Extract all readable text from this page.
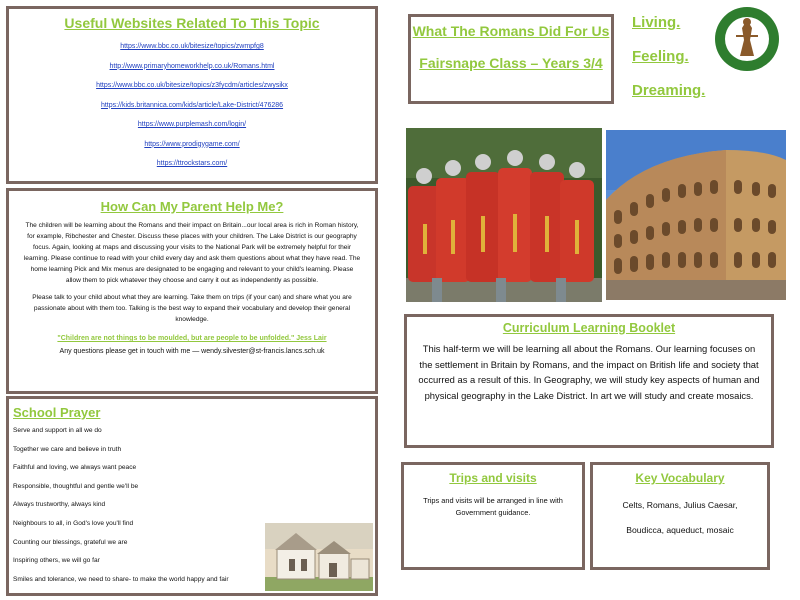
Useful Websites Related To This Topic
https://www.bbc.co.uk/bitesize/topics/zwmpfg8
http://www.primaryhomeworkhelp.co.uk/Romans.html
https://www.bbc.co.uk/bitesize/topics/z3fycdm/articles/zwysikx
https://kids.britannica.com/kids/article/Lake-District/476286
https://www.purplemash.com/login/
https://www.prodigygame.com/
https://ttrockstars.com/
How Can My Parent Help Me?
The children will be learning about the Romans and their impact on Britain...our local area is rich in Roman history, for example, Ribchester and Chester. Discuss these places with your children. The Lake District is our geography focus. Again, looking at maps and discussing your visits to the National Park will be extremely helpful for their learning. Please continue to read with your child every day and ask them questions about what they have read. The home learning Pick and Mix menus are designated to be engaging and relevant to your child's learning. Please allow them to pick whatever they choose and carry it out as independently as possible.
Please talk to your child about what they are learning. Take them on trips (if your can) and share what you are passionate about with them too. Talking is the best way to expand their vocabulary and develop their general knowledge.
"Children are not things to be moulded, but are people to be unfolded." Jess Lair
Any questions please get in touch with me — wendy.silvester@st-francis.lancs.sch.uk
School Prayer
Serve and support in all we do
Together we care and believe in truth
Faithful and loving, we always want peace
Responsible, thoughtful and gentle we'll be
Always trustworthy, always kind
Neighbours to all, in God's love you'll find
Counting our blessings, grateful we are
Inspiring others, we will go far
Smiles and tolerance, we need to share- to make the world happy and fair
What The Romans Did For Us
Fairsnape Class – Years 3/4
Living.
Feeling.
Dreaming.
Curriculum Learning Booklet
This half-term we will be learning all about the Romans. Our learning focuses on the settlement in Britain by Romans, and the impact on British life and society that occurred as a result of this. In Geography, we will study key aspects of human and physical geography in the Lake District. In art we will study and create mosaics.
Trips and visits
Trips and visits will be arranged in line with Government guidance.
Key Vocabulary
Celts, Romans, Julius Caesar,
Boudicca, aqueduct, mosaic
